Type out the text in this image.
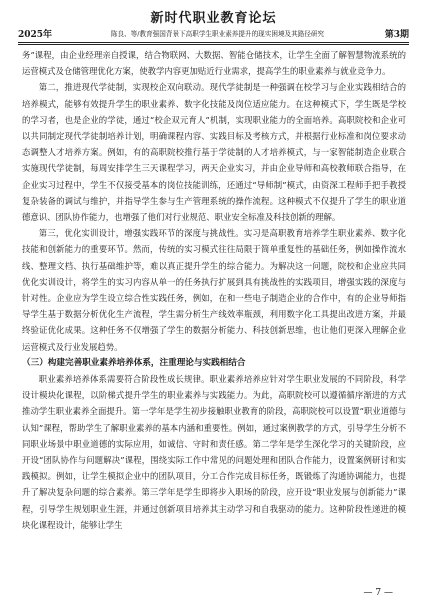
新时代职业教育论坛
2025年	陈良、等/教育强国背景下高职学生职业素养提升的现实困境及其路径研究	第3期

务”课程，由企业经理亲自授课，结合物联网、大数据、智能仓储技术，让学生全面了解智慧物流系统的运营模式及仓储管理优化方案，使教学内容更加贴近行业需求，提高学生的职业素养与就业竞争力。

第二，推进现代学徒制，实现校企双向联动。现代学徒制是一种强调在校学习与企业实践相结合的培养模式，能够有效提升学生的职业素养、数字化技能及岗位适应能力。在这种模式下，学生既是学校的学习者，也是企业的学徒，通过“校企双元育人”机制，实现职业能力的全面培养。高职院校和企业可以共同制定现代学徒制培养计划，明确课程内容、实践目标及考核方式，并根据行业标准和岗位要求动态调整人才培养方案。例如，有的高职院校推行基于学徒制的人才培养模式，与一家智能制造企业联合实施现代学徒制，每周安排学生三天课程学习，两天企业实习，并由企业导师和高校教师联合指导，在企业实习过程中，学生不仅接受基本的岗位技能训练，还通过“导师制”模式，由资深工程师手把手教授复杂装备的调试与维护，并指导学生参与生产管理系统的操作流程。这种模式不仅提升了学生的职业道德意识、团队协作能力，也增强了他们对行业规范、职业安全标准及科技创新的理解。

第三，优化实训设计，增强实践环节的深度与挑战性。实习是高职教育培养学生职业素养、数字化技能和创新能力的重要环节。然而，传统的实习模式往往局限于简单重复性的基础任务，例如操作流水线、整理文档、执行基础维护等，难以真正提升学生的综合能力。为解决这一问题，院校和企业应共同优化实训设计，将学生的实习内容从单一的任务执行扩展到具有挑战性的实践项目，增强实践的深度与针对性。企业应为学生设立综合性实践任务，例如，在和一些电子制造企业的合作中，有的企业导师指导学生基于数据分析优化生产流程，学生需分析生产线效率瓶颈，利用数字化工具提出改进方案，并最终验证优化成果。这种任务不仅增强了学生的数据分析能力、科技创新思维，也让他们更深入理解企业运营模式及行业发展趋势。

（三）构建完善职业素养培养体系，注重理论与实践相结合

职业素养培养体系需要符合阶段性成长规律。职业素养培养应针对学生职业发展的不同阶段，科学设计模块化课程，以阶梯式提升学生的职业素养与实践能力。为此，高职院校可以遵循循序渐进的方式推动学生职业素养全面提升。第一学年是学生初步接触职业教育的阶段，高职院校可以设置“职业道德与认知”课程，帮助学生了解职业素养的基本内涵和重要性。例如，通过案例教学的方式，引导学生分析不同职业场景中职业道德的实际应用，如诚信、守时和责任感。第二学年是学生深化学习的关键阶段，应开设“团队协作与问题解决”课程，围绕实际工作中常见的问题处理和团队合作能力，设置案例研讨和实践模拟。例如，让学生模拟企业中的团队项目，分工合作完成目标任务，既锻炼了沟通协调能力，也提升了解决复杂问题的综合素养。第三学年是学生即将步入职场的阶段，应开设“职业发展与创新能力”课程，引导学生规划职业生涯，并通过创新项目培养其主动学习和自我驱动的能力。这种阶段性递进的模块化课程设计，能够让学生

— 7 —
